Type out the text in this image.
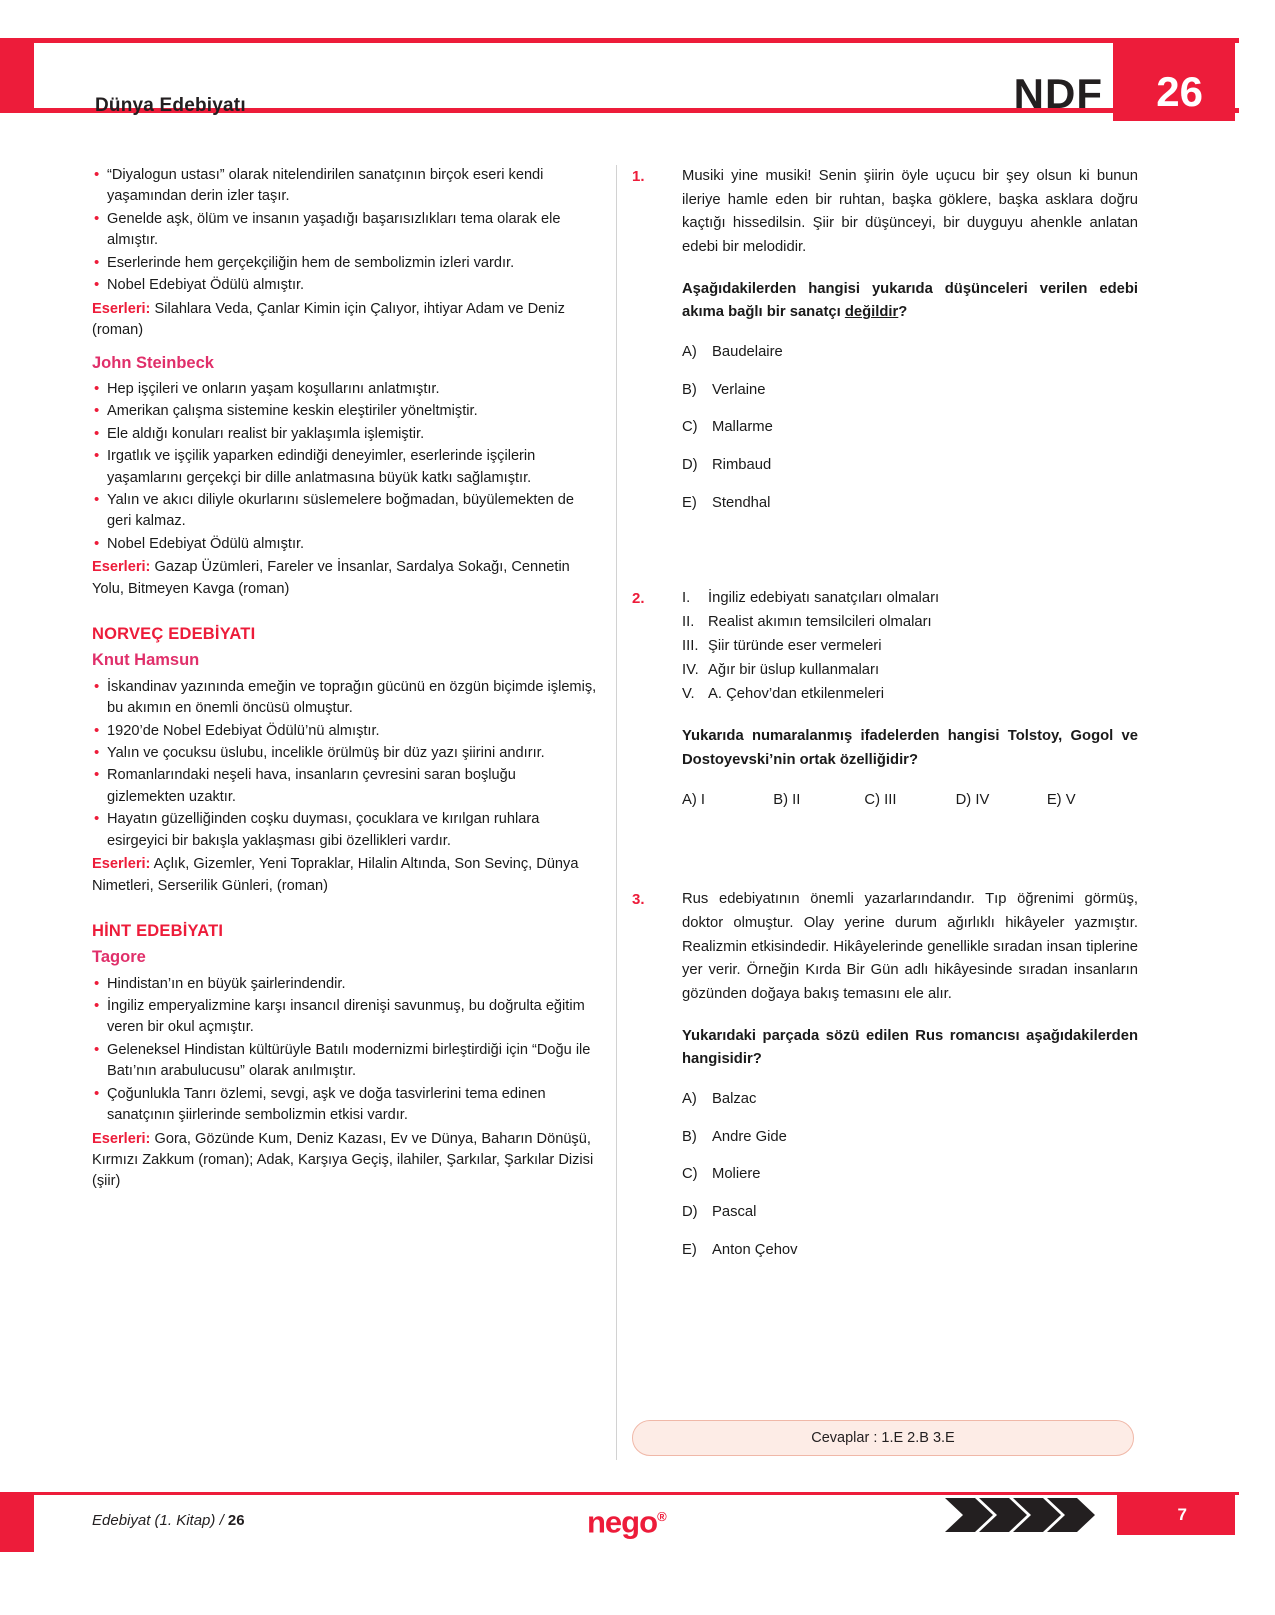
Dünya Edebiyatı	NDF 26
• “Diyalogun ustası” olarak nitelendirilen sanatçının birçok eseri kendi yaşamından derin izler taşır.
• Genelde aşk, ölüm ve insanın yaşadığı başarısızlıkları tema olarak ele almıştır.
• Eserlerinde hem gerçekçiliğin hem de sembolizmin izleri vardır.
• Nobel Edebiyat Ödülü almıştır.
Eserleri: Silahlara Veda, Çanlar Kimin için Çalıyor, ihtiyar Adam ve Deniz (roman)
John Steinbeck
• Hep işçileri ve onların yaşam koşullarını anlatmıştır.
• Amerikan çalışma sistemine keskin eleştiriler yöneltmiştir.
• Ele aldığı konuları realist bir yaklaşımla işlemiştir.
• Irgatlık ve işçilik yaparken edindiği deneyimler, eserlerinde işçilerin yaşamlarını gerçekçi bir dille anlatmasına büyük katkı sağlamıştır.
• Yalın ve akıcı diliyle okurlarını süslemelere boğmadan, büyülemekten de geri kalmaz.
• Nobel Edebiyat Ödülü almıştır.
Eserleri: Gazap Üzümleri, Fareler ve İnsanlar, Sardalya Sokağı, Cennetin Yolu, Bitmeyen Kavga (roman)
NORVEÇ EDEBİYATI
Knut Hamsun
• İskandinav yazınında emeğin ve toprağın gücünü en özgün biçimde işlemiş, bu akımın en önemli öncüsü olmuştur.
• 1920’de Nobel Edebiyat Ödülü’nü almıştır.
• Yalın ve çocuksu üslubu, incelikle örülmüş bir düz yazı şiirini andırır.
• Romanlarındaki neşeli hava, insanların çevresini saran boşluğu gizlemekten uzaktır.
• Hayatın güzelliğinden coşku duyması, çocuklara ve kırılgan ruhlara esirgeyici bir bakışla yaklaşması gibi özellikleri vardır.
Eserleri: Açlık, Gizemler, Yeni Topraklar, Hilalin Altında, Son Sevinç, Dünya Nimetleri, Serserilik Günleri, (roman)
HİNT EDEBİYATI
Tagore
• Hindistan’ın en büyük şairlerindendir.
• İngiliz emperyalizmine karşı insancıl direnişi savunmuş, bu doğrulta eğitim veren bir okul açmıştır.
• Geleneksel Hindistan kültürüyle Batılı modernizmi birleştirdiği için “Doğu ile Batı’nın arabulucusu” olarak anılmıştır.
• Çoğunlukla Tanrı özlemi, sevgi, aşk ve doğa tasvirlerini tema edinen sanatçının şiirlerinde sembolizmin etkisi vardır.
Eserleri: Gora, Gözünde Kum, Deniz Kazası, Ev ve Dünya, Baharın Dönüşü, Kırmızı Zakkum (roman); Adak, Karşıya Geçiş, ilahiler, Şarkılar, Şarkılar Dizisi (şiir)
1.	Musiki yine musiki! Senin şiirin öyle uçucu bir şey olsun ki bunun ileriye hamle eden bir ruhtan, başka göklere, başka asklara doğru kaçtığı hissedilsin. Şiir bir düşünceyi, bir duyguyu ahenkle anlatan edebi bir melodidir.
Aşağıdakilerden hangisi yukarıda düşünceleri verilen edebi akıma bağlı bir sanatçı değildir?
A) Baudelaire
B) Verlaine
C) Mallarme
D) Rimbaud
E) Stendhal
2.	I. İngiliz edebiyatı sanatçıları olmaları
II. Realist akımın temsilcileri olmaları
III. Şiir türünde eser vermeleri
IV. Ağır bir üslup kullanmaları
V. A. Çehov’dan etkilenmeleri
Yukarıda numaralanmış ifadelerden hangisi Tolstoy, Gogol ve Dostoyevski’nin ortak özelliğidir?
A) I	B) II	C) III	D) IV	E) V
3.	Rus edebiyatının önemli yazarlarındandır. Tıp öğrenimi görmüş, doktor olmuştur. Olay yerine durum ağırlıklı hikâyeler yazmıştır. Realizmin etkisindedir. Hikâyelerinde genellikle sıradan insan tiplerine yer verir. Örneğin Kırda Bir Gün adlı hikâyesinde sıradan insanların gözünden doğaya bakış temasını ele alır.
Yukarıdaki parçada sözü edilen Rus romancısı aşağıdakilerden hangisidir?
A) Balzac
B) Andre Gide
C) Moliere
D) Pascal
E) Anton Çehov
Cevaplar : 1.E 2.B 3.E
Edebiyat (1. Kitap) / 26	nego®	7
